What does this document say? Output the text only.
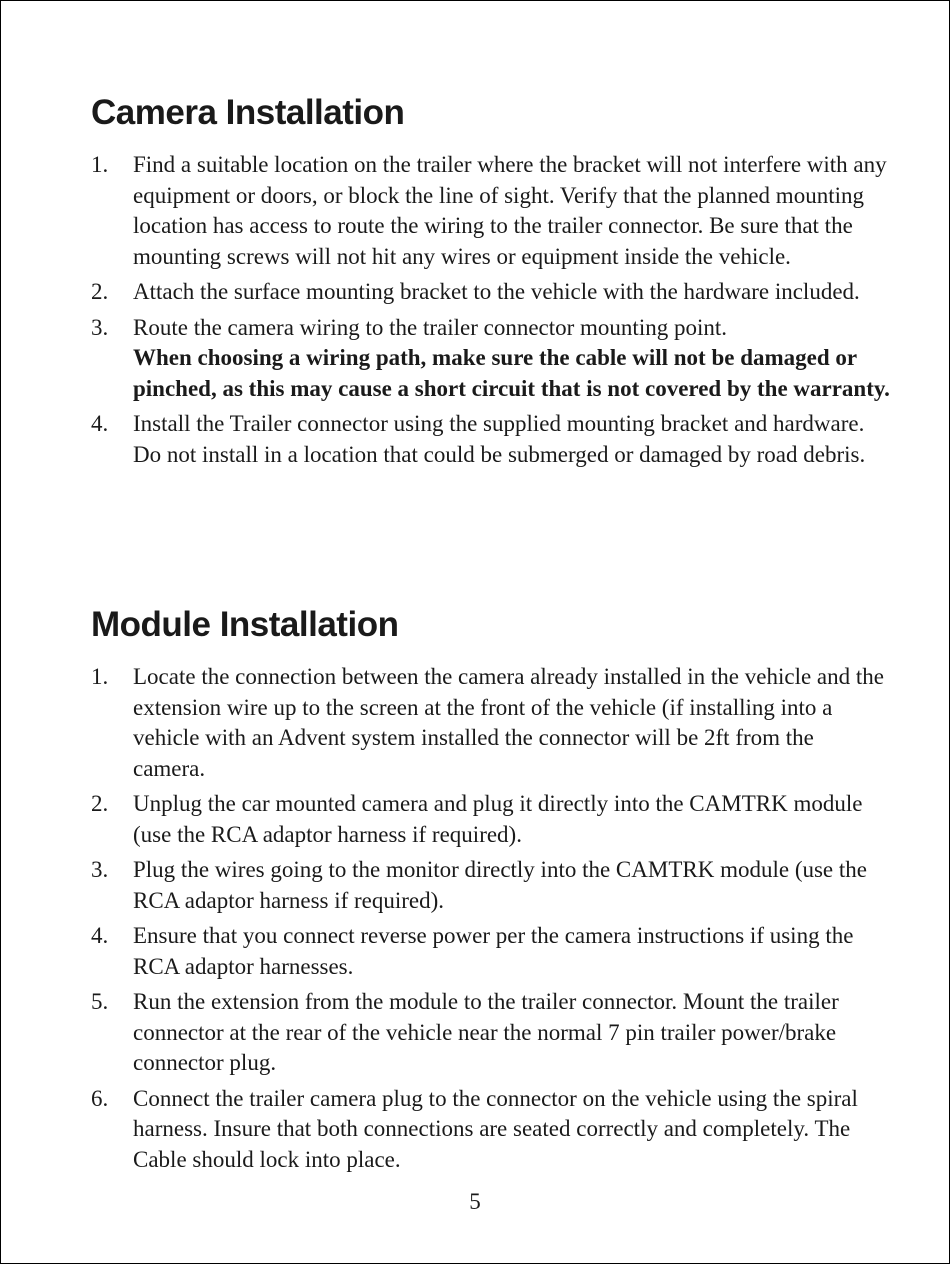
Camera Installation
1.	Find a suitable location on the trailer where the bracket will not interfere with any equipment or doors, or block the line of sight. Verify that the planned mounting location has access to route the wiring to the trailer connector. Be sure that the mounting screws will not hit any wires or equipment inside the vehicle.
2.	Attach the surface mounting bracket to the vehicle with the hardware included.
3.	Route the camera wiring to the trailer connector mounting point.
When choosing a wiring path, make sure the cable will not be damaged or pinched, as this may cause a short circuit that is not covered by the warranty.
4.	Install the Trailer connector using the supplied mounting bracket and hardware. Do not install in a location that could be submerged or damaged by road debris.
Module Installation
1.	Locate the connection between the camera already installed in the vehicle and the extension wire up to the screen at the front of the vehicle (if installing into a vehicle with an Advent system installed the connector will be 2ft from the camera.
2.	Unplug the car mounted camera and plug it directly into the CAMTRK module (use the RCA adaptor harness if required).
3.	Plug the wires going to the monitor directly into the CAMTRK module (use the RCA adaptor harness if required).
4.	Ensure that you connect reverse power per the camera instructions if using the RCA adaptor harnesses.
5.	Run the extension from the module to the trailer connector. Mount the trailer connector at the rear of the vehicle near the normal 7 pin trailer power/brake connector plug.
6.	Connect the trailer camera plug to the connector on the vehicle using the spiral harness. Insure that both connections are seated correctly and completely. The Cable should lock into place.
5
